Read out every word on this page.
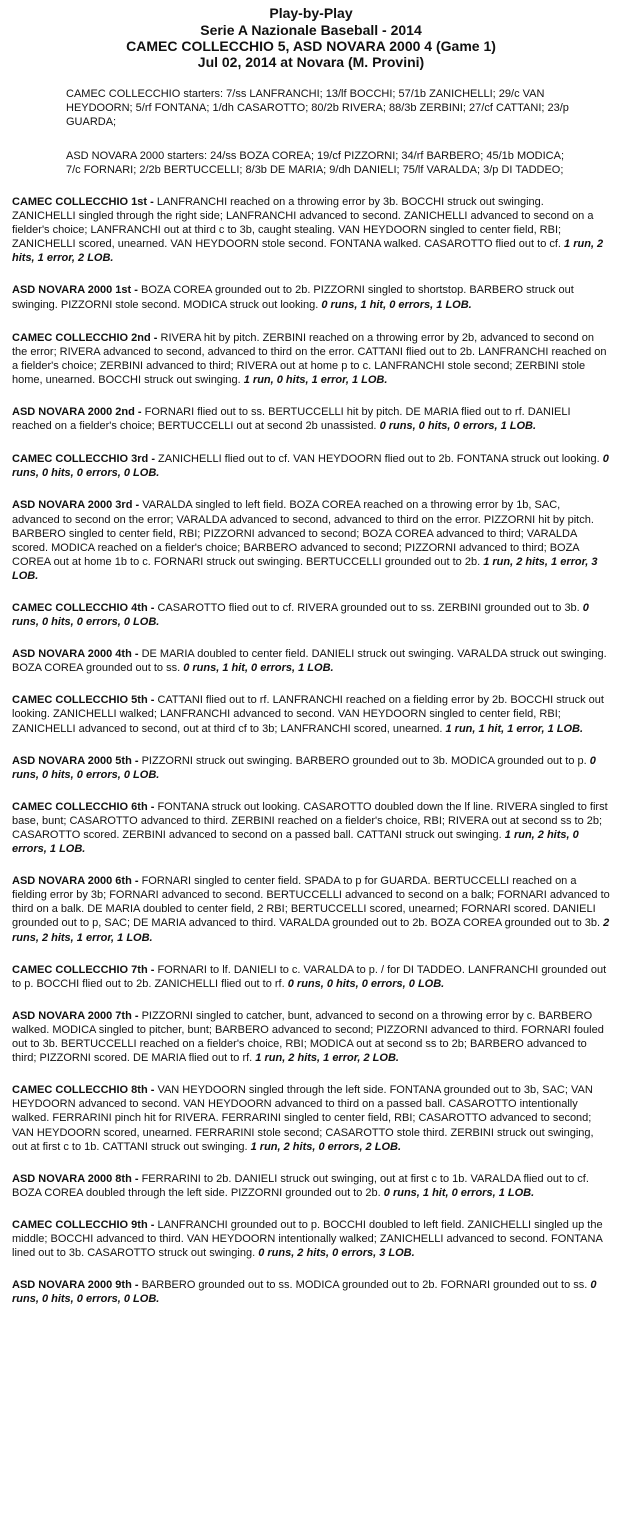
Play-by-Play
Serie A Nazionale Baseball - 2014
CAMEC COLLECCHIO 5, ASD NOVARA 2000 4 (Game 1)
Jul 02, 2014 at Novara (M. Provini)

CAMEC COLLECCHIO starters: 7/ss LANFRANCHI; 13/lf BOCCHI; 57/1b ZANICHELLI; 29/c VAN HEYDOORN; 5/rf FONTANA; 1/dh CASAROTTO; 80/2b RIVERA; 88/3b ZERBINI; 27/cf CATTANI; 23/p GUARDA;

ASD NOVARA 2000 starters: 24/ss BOZA COREA; 19/cf PIZZORNI; 34/rf BARBERO; 45/1b MODICA; 7/c FORNARI; 2/2b BERTUCCELLI; 8/3b DE MARIA; 9/dh DANIELI; 75/lf VARALDA; 3/p DI TADDEO;

CAMEC COLLECCHIO 1st - LANFRANCHI reached on a throwing error by 3b. BOCCHI struck out swinging. ZANICHELLI singled through the right side; LANFRANCHI advanced to second. ZANICHELLI advanced to second on a fielder's choice; LANFRANCHI out at third c to 3b, caught stealing. VAN HEYDOORN singled to center field, RBI; ZANICHELLI scored, unearned. VAN HEYDOORN stole second. FONTANA walked. CASAROTTO flied out to cf. 1 run, 2 hits, 1 error, 2 LOB.

ASD NOVARA 2000 1st - BOZA COREA grounded out to 2b. PIZZORNI singled to shortstop. BARBERO struck out swinging. PIZZORNI stole second. MODICA struck out looking. 0 runs, 1 hit, 0 errors, 1 LOB.

CAMEC COLLECCHIO 2nd - RIVERA hit by pitch. ZERBINI reached on a throwing error by 2b, advanced to second on the error; RIVERA advanced to second, advanced to third on the error. CATTANI flied out to 2b. LANFRANCHI reached on a fielder's choice; ZERBINI advanced to third; RIVERA out at home p to c. LANFRANCHI stole second; ZERBINI stole home, unearned. BOCCHI struck out swinging. 1 run, 0 hits, 1 error, 1 LOB.

ASD NOVARA 2000 2nd - FORNARI flied out to ss. BERTUCCELLI hit by pitch. DE MARIA flied out to rf. DANIELI reached on a fielder's choice; BERTUCCELLI out at second 2b unassisted. 0 runs, 0 hits, 0 errors, 1 LOB.

CAMEC COLLECCHIO 3rd - ZANICHELLI flied out to cf. VAN HEYDOORN flied out to 2b. FONTANA struck out looking. 0 runs, 0 hits, 0 errors, 0 LOB.

ASD NOVARA 2000 3rd - VARALDA singled to left field. BOZA COREA reached on a throwing error by 1b, SAC, advanced to second on the error; VARALDA advanced to second, advanced to third on the error. PIZZORNI hit by pitch. BARBERO singled to center field, RBI; PIZZORNI advanced to second; BOZA COREA advanced to third; VARALDA scored. MODICA reached on a fielder's choice; BARBERO advanced to second; PIZZORNI advanced to third; BOZA COREA out at home 1b to c. FORNARI struck out swinging. BERTUCCELLI grounded out to 2b. 1 run, 2 hits, 1 error, 3 LOB.

CAMEC COLLECCHIO 4th - CASAROTTO flied out to cf. RIVERA grounded out to ss. ZERBINI grounded out to 3b. 0 runs, 0 hits, 0 errors, 0 LOB.

ASD NOVARA 2000 4th - DE MARIA doubled to center field. DANIELI struck out swinging. VARALDA struck out swinging. BOZA COREA grounded out to ss. 0 runs, 1 hit, 0 errors, 1 LOB.

CAMEC COLLECCHIO 5th - CATTANI flied out to rf. LANFRANCHI reached on a fielding error by 2b. BOCCHI struck out looking. ZANICHELLI walked; LANFRANCHI advanced to second. VAN HEYDOORN singled to center field, RBI; ZANICHELLI advanced to second, out at third cf to 3b; LANFRANCHI scored, unearned. 1 run, 1 hit, 1 error, 1 LOB.

ASD NOVARA 2000 5th - PIZZORNI struck out swinging. BARBERO grounded out to 3b. MODICA grounded out to p. 0 runs, 0 hits, 0 errors, 0 LOB.

CAMEC COLLECCHIO 6th - FONTANA struck out looking. CASAROTTO doubled down the lf line. RIVERA singled to first base, bunt; CASAROTTO advanced to third. ZERBINI reached on a fielder's choice, RBI; RIVERA out at second ss to 2b; CASAROTTO scored. ZERBINI advanced to second on a passed ball. CATTANI struck out swinging. 1 run, 2 hits, 0 errors, 1 LOB.

ASD NOVARA 2000 6th - FORNARI singled to center field. SPADA to p for GUARDA. BERTUCCELLI reached on a fielding error by 3b; FORNARI advanced to second. BERTUCCELLI advanced to second on a balk; FORNARI advanced to third on a balk. DE MARIA doubled to center field, 2 RBI; BERTUCCELLI scored, unearned; FORNARI scored. DANIELI grounded out to p, SAC; DE MARIA advanced to third. VARALDA grounded out to 2b. BOZA COREA grounded out to 3b. 2 runs, 2 hits, 1 error, 1 LOB.

CAMEC COLLECCHIO 7th - FORNARI to lf. DANIELI to c. VARALDA to p. / for DI TADDEO. LANFRANCHI grounded out to p. BOCCHI flied out to 2b. ZANICHELLI flied out to rf. 0 runs, 0 hits, 0 errors, 0 LOB.

ASD NOVARA 2000 7th - PIZZORNI singled to catcher, bunt, advanced to second on a throwing error by c. BARBERO walked. MODICA singled to pitcher, bunt; BARBERO advanced to second; PIZZORNI advanced to third. FORNARI fouled out to 3b. BERTUCCELLI reached on a fielder's choice, RBI; MODICA out at second ss to 2b; BARBERO advanced to third; PIZZORNI scored. DE MARIA flied out to rf. 1 run, 2 hits, 1 error, 2 LOB.

CAMEC COLLECCHIO 8th - VAN HEYDOORN singled through the left side. FONTANA grounded out to 3b, SAC; VAN HEYDOORN advanced to second. VAN HEYDOORN advanced to third on a passed ball. CASAROTTO intentionally walked. FERRARINI pinch hit for RIVERA. FERRARINI singled to center field, RBI; CASAROTTO advanced to second; VAN HEYDOORN scored, unearned. FERRARINI stole second; CASAROTTO stole third. ZERBINI struck out swinging, out at first c to 1b. CATTANI struck out swinging. 1 run, 2 hits, 0 errors, 2 LOB.

ASD NOVARA 2000 8th - FERRARINI to 2b. DANIELI struck out swinging, out at first c to 1b. VARALDA flied out to cf. BOZA COREA doubled through the left side. PIZZORNI grounded out to 2b. 0 runs, 1 hit, 0 errors, 1 LOB.

CAMEC COLLECCHIO 9th - LANFRANCHI grounded out to p. BOCCHI doubled to left field. ZANICHELLI singled up the middle; BOCCHI advanced to third. VAN HEYDOORN intentionally walked; ZANICHELLI advanced to second. FONTANA lined out to 3b. CASAROTTO struck out swinging. 0 runs, 2 hits, 0 errors, 3 LOB.

ASD NOVARA 2000 9th - BARBERO grounded out to ss. MODICA grounded out to 2b. FORNARI grounded out to ss. 0 runs, 0 hits, 0 errors, 0 LOB.
